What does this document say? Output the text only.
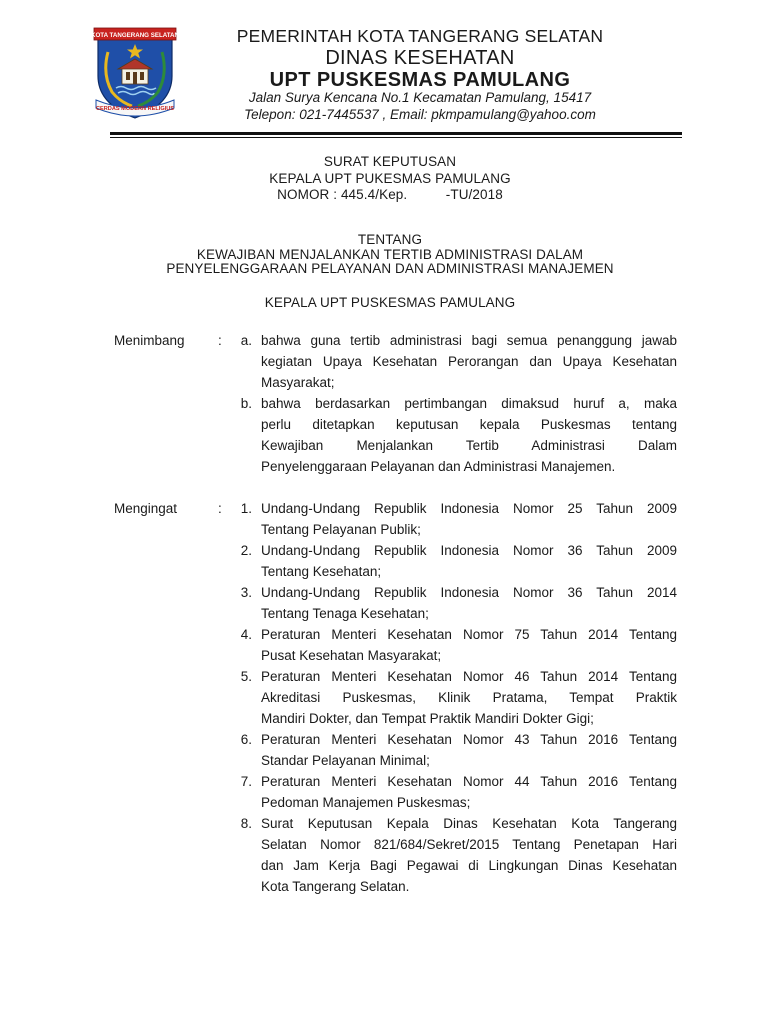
KOTA TANGERANG SELATAN
CERDAS MODERN RELIGIUS
PEMERINTAH KOTA TANGERANG SELATAN
DINAS KESEHATAN
UPT PUSKESMAS PAMULANG
Jalan Surya Kencana No.1 Kecamatan Pamulang, 15417
Telepon: 021-7445537 , Email: pkmpamulang@yahoo.com
SURAT KEPUTUSAN
KEPALA UPT PUKESMAS PAMULANG
NOMOR : 445.4/Kep.          -TU/2018
TENTANG
KEWAJIBAN MENJALANKAN TERTIB ADMINISTRASI DALAM
PENYELENGGARAAN PELAYANAN DAN ADMINISTRASI MANAJEMEN
KEPALA UPT PUSKESMAS PAMULANG
Menimbang :	a. bahwa guna tertib administrasi bagi semua penanggung jawab
kegiatan Upaya Kesehatan Perorangan dan Upaya Kesehatan
Masyarakat;
b. bahwa berdasarkan pertimbangan dimaksud huruf a, maka
perlu ditetapkan keputusan kepala Puskesmas tentang
Kewajiban Menjalankan Tertib Administrasi Dalam
Penyelenggaraan Pelayanan dan Administrasi Manajemen.
Mengingat	:	1. Undang-Undang Republik Indonesia Nomor 25 Tahun 2009
Tentang Pelayanan Publik;
2. Undang-Undang Republik Indonesia Nomor 36 Tahun 2009
Tentang Kesehatan;
3. Undang-Undang Republik Indonesia Nomor 36 Tahun 2014
Tentang Tenaga Kesehatan;
4. Peraturan Menteri Kesehatan Nomor 75 Tahun 2014 Tentang
Pusat Kesehatan Masyarakat;
5. Peraturan Menteri Kesehatan Nomor 46 Tahun 2014 Tentang
Akreditasi Puskesmas, Klinik Pratama, Tempat Praktik
Mandiri Dokter, dan Tempat Praktik Mandiri Dokter Gigi;
6. Peraturan Menteri Kesehatan Nomor 43 Tahun 2016 Tentang
Standar Pelayanan Minimal;
7. Peraturan Menteri Kesehatan Nomor 44 Tahun 2016 Tentang
Pedoman Manajemen Puskesmas;
8. Surat Keputusan Kepala Dinas Kesehatan Kota Tangerang
Selatan Nomor 821/684/Sekret/2015 Tentang Penetapan Hari
dan Jam Kerja Bagi Pegawai di Lingkungan Dinas Kesehatan
Kota Tangerang Selatan.
